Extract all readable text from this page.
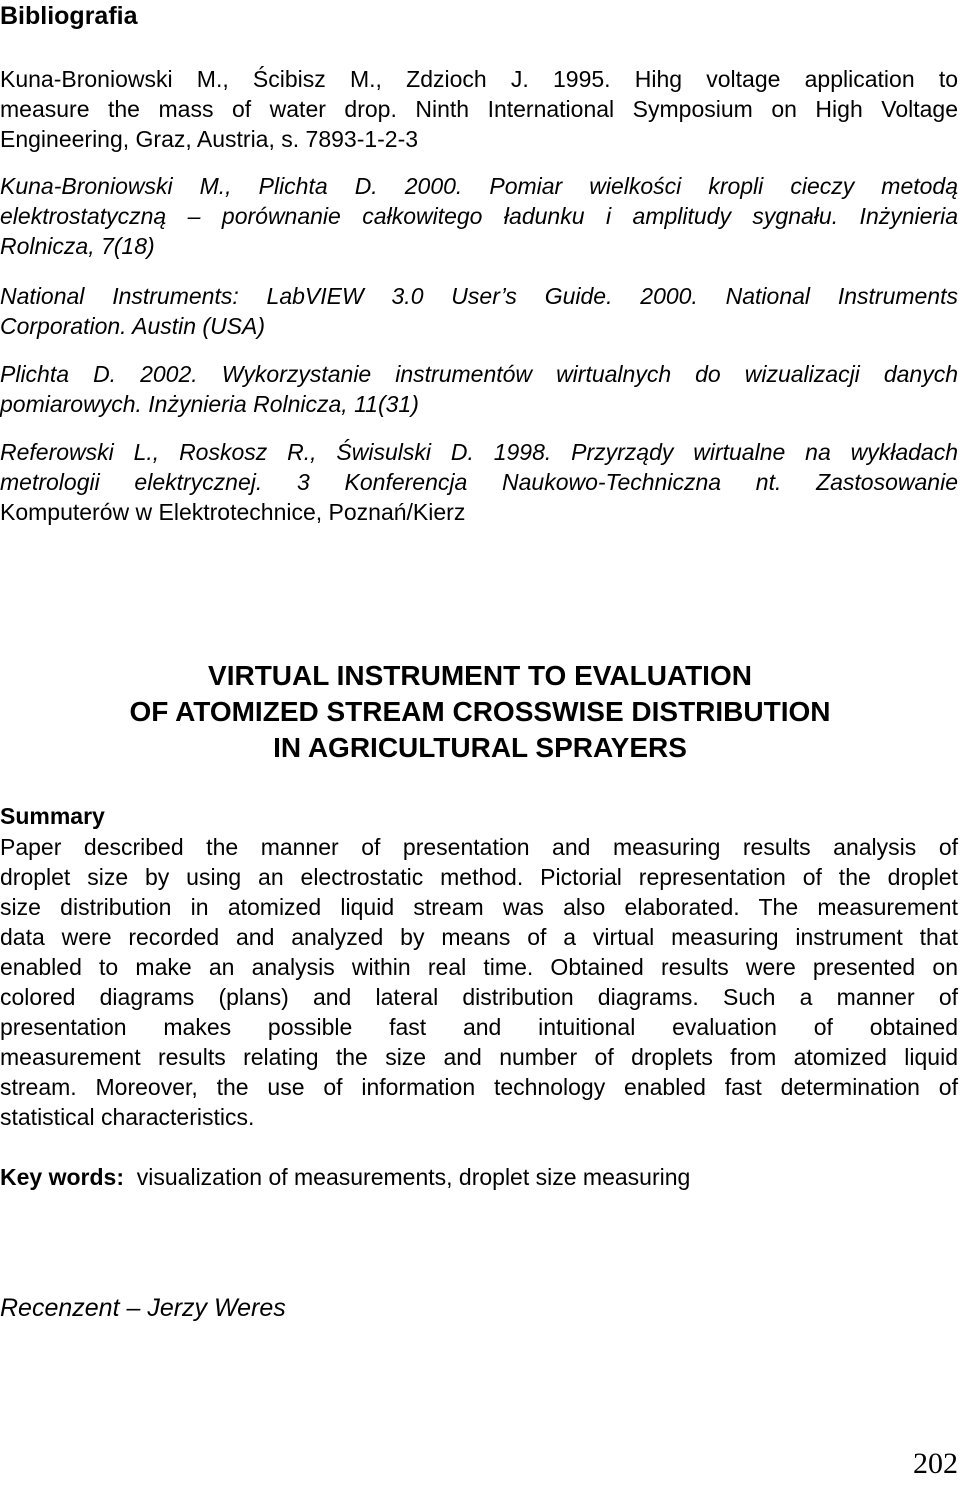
Bibliografia
Kuna-Broniowski M., Ścibisz M., Zdzioch J. 1995. Hihg voltage application to
measure the mass of water drop. Ninth International Symposium on High Voltage
Engineering, Graz, Austria, s. 7893-1-2-3
Kuna-Broniowski M., Plichta D. 2000. Pomiar wielkości kropli cieczy metodą
elektrostatyczną – porównanie całkowitego ładunku i amplitudy sygnału. Inżynieria
Rolnicza, 7(18)
National Instruments: LabVIEW 3.0 User’s Guide. 2000. National Instruments
Corporation. Austin (USA)
Plichta D. 2002. Wykorzystanie instrumentów wirtualnych do wizualizacji danych
pomiarowych. Inżynieria Rolnicza, 11(31)
Referowski L., Roskosz R., Świsulski D. 1998. Przyrządy wirtualne na wykładach
metrologii elektrycznej. 3 Konferencja Naukowo-Techniczna nt. Zastosowanie
Komputerów w Elektrotechnice, Poznań/Kierz
VIRTUAL INSTRUMENT TO EVALUATION
OF ATOMIZED STREAM CROSSWISE DISTRIBUTION
IN AGRICULTURAL SPRAYERS
Summary
Paper described the manner of presentation and measuring results analysis of
droplet size by using an electrostatic method. Pictorial representation of the droplet
size distribution in atomized liquid stream was also elaborated. The measurement
data were recorded and analyzed by means of a virtual measuring instrument that
enabled to make an analysis within real time. Obtained results were presented on
colored diagrams (plans) and lateral distribution diagrams. Such a manner of
presentation makes possible fast and intuitional evaluation of obtained
measurement results relating the size and number of droplets from atomized liquid
stream. Moreover, the use of information technology enabled fast determination of
statistical characteristics.
Key words: visualization of measurements, droplet size measuring
Recenzent – Jerzy Weres
202
